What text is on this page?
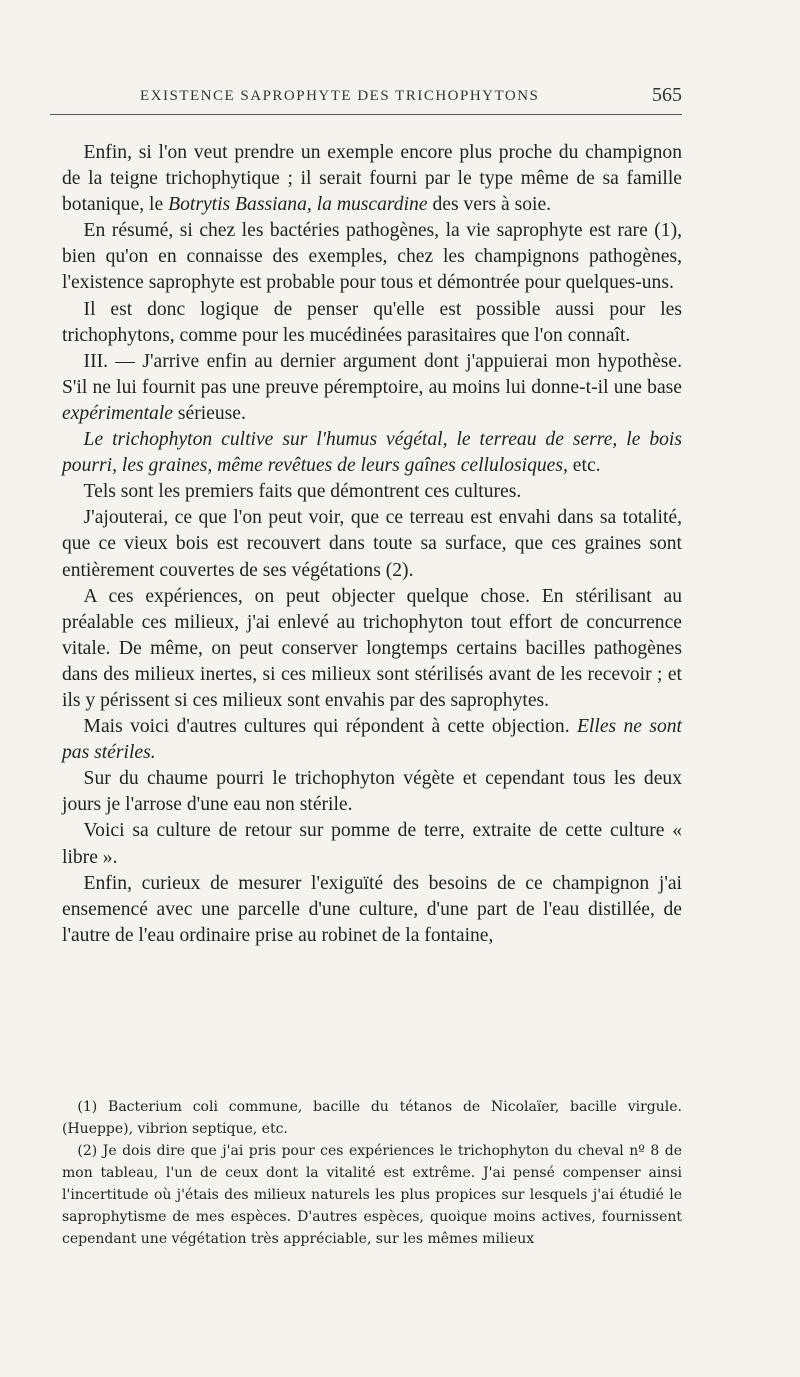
EXISTENCE SAPROPHYTE DES TRICHOPHYTONS	565

Enfin, si l'on veut prendre un exemple encore plus proche du champignon de la teigne trichophytique ; il serait fourni par le type même de sa famille botanique, le Botrytis Bassiana, la muscardine des vers à soie.

En résumé, si chez les bactéries pathogènes, la vie saprophyte est rare (1), bien qu'on en connaisse des exemples, chez les champignons pathogènes, l'existence saprophyte est probable pour tous et démontrée pour quelques-uns.

Il est donc logique de penser qu'elle est possible aussi pour les trichophytons, comme pour les mucédinées parasitaires que l'on connaît.

III. — J'arrive enfin au dernier argument dont j'appuierai mon hypothèse. S'il ne lui fournit pas une preuve péremptoire, au moins lui donne-t-il une base expérimentale sérieuse.

Le trichophyton cultive sur l'humus végétal, le terreau de serre, le bois pourri, les graines, même revêtues de leurs gaînes cellulosiques, etc.

Tels sont les premiers faits que démontrent ces cultures.

J'ajouterai, ce que l'on peut voir, que ce terreau est envahi dans sa totalité, que ce vieux bois est recouvert dans toute sa surface, que ces graines sont entièrement couvertes de ses végétations (2).

A ces expériences, on peut objecter quelque chose. En stérilisant au préalable ces milieux, j'ai enlevé au trichophyton tout effort de concurrence vitale. De même, on peut conserver longtemps certains bacilles pathogènes dans des milieux inertes, si ces milieux sont stérilisés avant de les recevoir ; et ils y périssent si ces milieux sont envahis par des saprophytes.

Mais voici d'autres cultures qui répondent à cette objection. Elles ne sont pas stériles.

Sur du chaume pourri le trichophyton végète et cependant tous les deux jours je l'arrose d'une eau non stérile.

Voici sa culture de retour sur pomme de terre, extraite de cette culture « libre ».

Enfin, curieux de mesurer l'exiguïté des besoins de ce champignon j'ai ensemencé avec une parcelle d'une culture, d'une part de l'eau distillée, de l'autre de l'eau ordinaire prise au robinet de la fontaine,

(1) Bacterium coli commune, bacille du tétanos de Nicolaïer, bacille virgule. (Hueppe), vibrion septique, etc.

(2) Je dois dire que j'ai pris pour ces expériences le trichophyton du cheval nº 8 de mon tableau, l'un de ceux dont la vitalité est extrême. J'ai pensé compenser ainsi l'incertitude où j'étais des milieux naturels les plus propices sur lesquels j'ai étudié le saprophytisme de mes espèces. D'autres espèces, quoique moins actives, fournissent cependant une végétation très appréciable, sur les mêmes milieux
